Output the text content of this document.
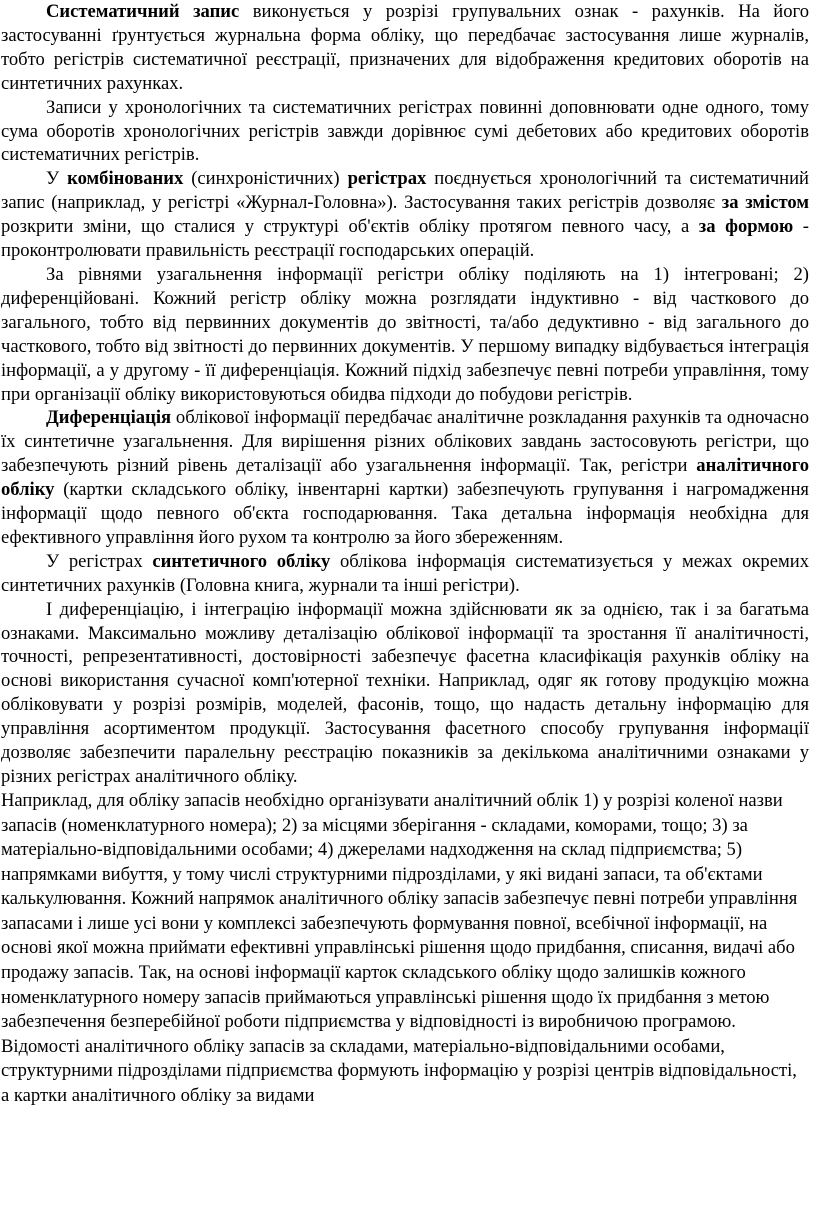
Систематичний запис виконується у розрізі групувальних ознак - рахунків. На його застосуванні ґрунтується журнальна форма обліку, що передбачає застосування лише журналів, тобто регістрів систематичної реєстрації, призначених для відображення кредитових оборотів на синтетичних рахунках.

Записи у хронологічних та систематичних регістрах повинні доповнювати одне одного, тому сума оборотів хронологічних регістрів завжди дорівнює сумі дебетових або кредитових оборотів систематичних регістрів.

У комбінованих (синхроністичних) регістрах поєднується хронологічний та систематичний запис (наприклад, у регістрі «Журнал-Головна»). Застосування таких регістрів дозволяє за змістом розкрити зміни, що сталися у структурі об'єктів обліку протягом певного часу, а за формою - проконтролювати правильність реєстрації господарських операцій.

За рівнями узагальнення інформації регістри обліку поділяють на 1) інтегровані; 2) диференційовані. Кожний регістр обліку можна розглядати індуктивно - від часткового до загального, тобто від первинних документів до звітності, та/або дедуктивно - від загального до часткового, тобто від звітності до первинних документів. У першому випадку відбувається інтеграція інформації, а у другому - її диференціація. Кожний підхід забезпечує певні потреби управління, тому при організації обліку використовуються обидва підходи до побудови регістрів.

Диференціація облікової інформації передбачає аналітичне розкладання рахунків та одночасно їх синтетичне узагальнення. Для вирішення різних облікових завдань застосовують регістри, що забезпечують різний рівень деталізації або узагальнення інформації. Так, регістри аналітичного обліку (картки складського обліку, інвентарні картки) забезпечують групування і нагромадження інформації щодо певного об'єкта господарювання. Така детальна інформація необхідна для ефективного управління його рухом та контролю за його збереженням.

У регістрах синтетичного обліку облікова інформація систематизується у межах окремих синтетичних рахунків (Головна книга, журнали та інші регістри).

І диференціацію, і інтеграцію інформації можна здійснювати як за однією, так і за багатьма ознаками. Максимально можливу деталізацію облікової інформації та зростання її аналітичності, точності, репрезентативності, достовірності забезпечує фасетна класифікація рахунків обліку на основі використання сучасної комп'ютерної техніки. Наприклад, одяг як готову продукцію можна обліковувати у розрізі розмірів, моделей, фасонів, тощо, що надасть детальну інформацію для управління асортиментом продукції. Застосування фасетного способу групування інформації дозволяє забезпечити паралельну реєстрацію показників за декількома аналітичними ознаками у різних регістрах аналітичного обліку.

Наприклад, для обліку запасів необхідно організувати аналітичний облік 1) у розрізі коленої назви запасів (номенклатурного номера); 2) за місцями зберігання - складами, коморами, тощо; 3) за матеріально-відповідальними особами; 4) джерелами надходження на склад підприємства; 5) напрямками вибуття, у тому числі структурними підрозділами, у які видані запаси, та об'єктами калькулювання. Кожний напрямок аналітичного обліку запасів забезпечує певні потреби управління запасами і лише усі вони у комплексі забезпечують формування повної, всебічної інформації, на основі якої можна приймати ефективні управлінські рішення щодо придбання, списання, видачі або продажу запасів. Так, на основі інформації карток складського обліку щодо залишків кожного номенклатурного номеру запасів приймаються управлінські рішення щодо їх придбання з метою забезпечення безперебійної роботи підприємства у відповідності із виробничою програмою. Відомості аналітичного обліку запасів за складами, матеріально-відповідальними особами, структурними підрозділами підприємства формують інформацію у розрізі центрів відповідальності, а картки аналітичного обліку за видами
